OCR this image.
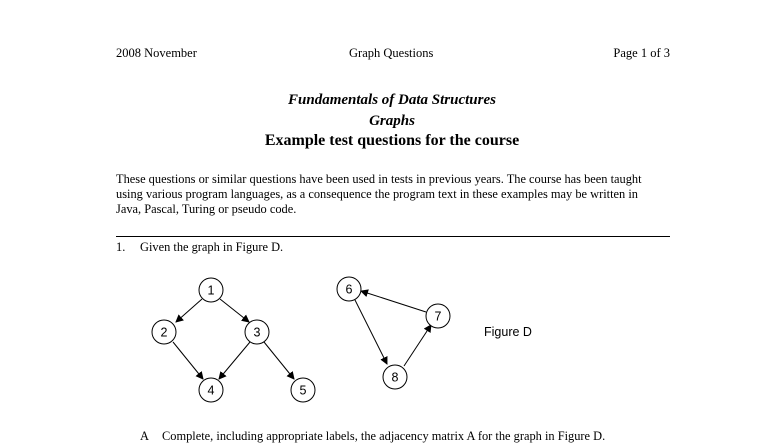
2008 November	Graph Questions	Page 1 of 3
Fundamentals of Data Structures
Graphs
Example test questions for the course
These questions or similar questions have been used in tests in previous years. The course has been taught
using various program languages, as a consequence the program text in these examples may be written in
Java, Pascal, Turing or pseudo code.
1. Given the graph in Figure D.
1
2	3
4	5
6
7
8
Figure D
A Complete, including appropriate labels, the adjacency matrix A for the graph in Figure D.
